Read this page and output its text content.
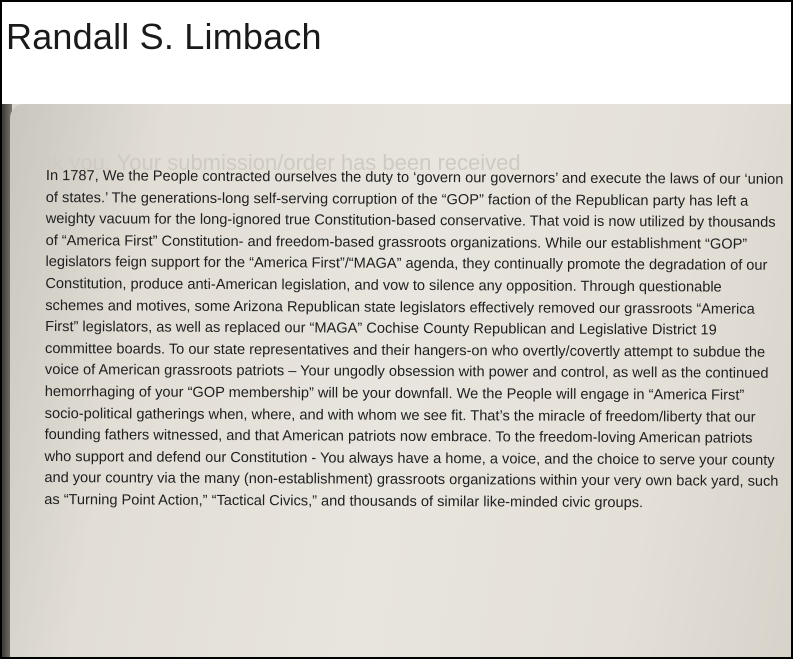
Randall S. Limbach
nk you. Your submission/order has been received

In 1787, We the People contracted ourselves the duty to ‘govern our governors’ and execute the laws of our ‘union of states.’ The generations-long self-serving corruption of the “GOP” faction of the Republican party has left a weighty vacuum for the long-ignored true Constitution-based conservative. That void is now utilized by thousands of “America First” Constitution- and freedom-based grassroots organizations. While our establishment “GOP” legislators feign support for the “America First”/“MAGA” agenda, they continually promote the degradation of our Constitution, produce anti-American legislation, and vow to silence any opposition. Through questionable schemes and motives, some Arizona Republican state legislators effectively removed our grassroots “America First” legislators, as well as replaced our “MAGA” Cochise County Republican and Legislative District 19 committee boards. To our state representatives and their hangers-on who overtly/covertly attempt to subdue the voice of American grassroots patriots – Your ungodly obsession with power and control, as well as the continued hemorrhaging of your “GOP membership” will be your downfall. We the People will engage in “America First” socio-political gatherings when, where, and with whom we see fit. That’s the miracle of freedom/liberty that our founding fathers witnessed, and that American patriots now embrace. To the freedom-loving American patriots who support and defend our Constitution - You always have a home, a voice, and the choice to serve your county and your country via the many (non-establishment) grassroots organizations within your very own back yard, such as “Turning Point Action,” “Tactical Civics,” and thousands of similar like-minded civic groups.
